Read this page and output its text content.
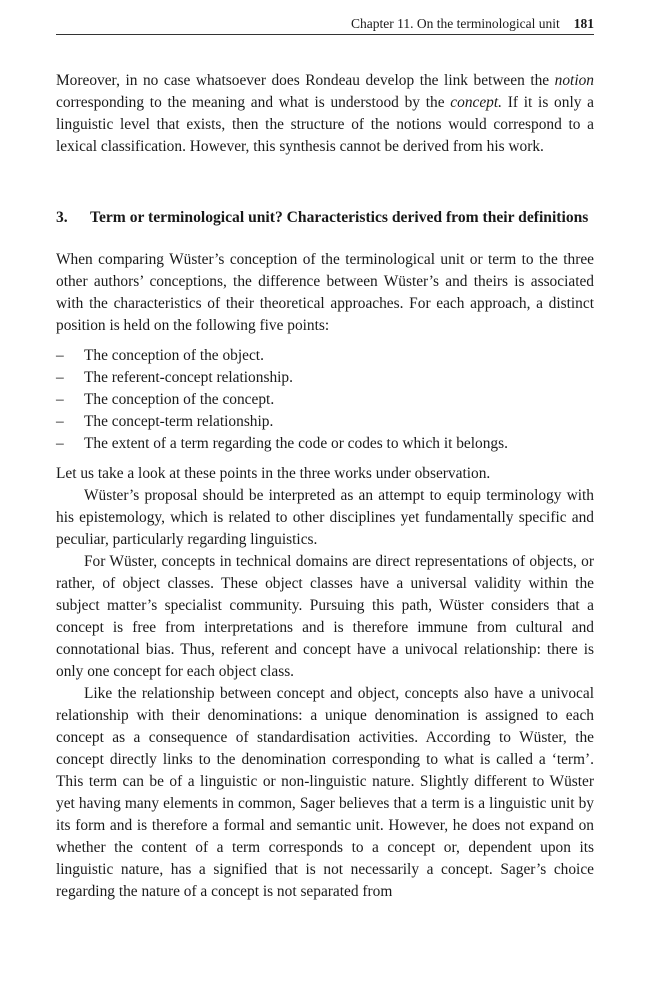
Chapter 11. On the terminological unit 181

Moreover, in no case whatsoever does Rondeau develop the link between the notion corresponding to the meaning and what is understood by the concept. If it is only a linguistic level that exists, then the structure of the notions would correspond to a lexical classification. However, this synthesis cannot be derived from his work.

3. Term or terminological unit? Characteristics derived from their definitions

When comparing Wüster’s conception of the terminological unit or term to the three other authors’ conceptions, the difference between Wüster’s and theirs is associated with the characteristics of their theoretical approaches. For each approach, a distinct position is held on the following five points:

– The conception of the object.
– The referent-concept relationship.
– The conception of the concept.
– The concept-term relationship.
– The extent of a term regarding the code or codes to which it belongs.

Let us take a look at these points in the three works under observation.

Wüster’s proposal should be interpreted as an attempt to equip terminology with his epistemology, which is related to other disciplines yet fundamentally specific and peculiar, particularly regarding linguistics.

For Wüster, concepts in technical domains are direct representations of objects, or rather, of object classes. These object classes have a universal validity within the subject matter’s specialist community. Pursuing this path, Wüster considers that a concept is free from interpretations and is therefore immune from cultural and connotational bias. Thus, referent and concept have a univocal relationship: there is only one concept for each object class.

Like the relationship between concept and object, concepts also have a univocal relationship with their denominations: a unique denomination is assigned to each concept as a consequence of standardisation activities. According to Wüster, the concept directly links to the denomination corresponding to what is called a ‘term’. This term can be of a linguistic or non-linguistic nature. Slightly different to Wüster yet having many elements in common, Sager believes that a term is a linguistic unit by its form and is therefore a formal and semantic unit. However, he does not expand on whether the content of a term corresponds to a concept or, dependent upon its linguistic nature, has a signified that is not necessarily a concept. Sager’s choice regarding the nature of a concept is not separated from
